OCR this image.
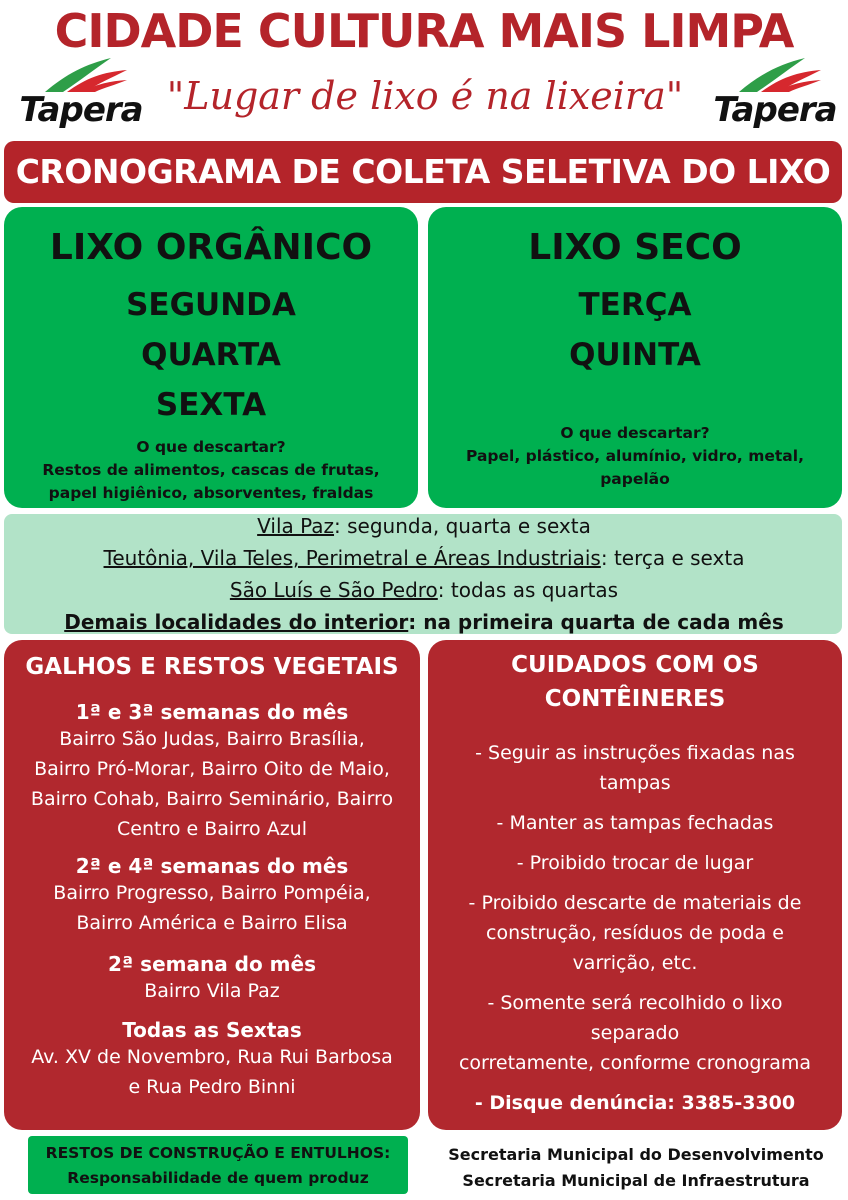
CIDADE CULTURA MAIS LIMPA
Tapera "Lugar de lixo é na lixeira" Tapera
CRONOGRAMA DE COLETA SELETIVA DO LIXO
LIXO ORGÂNICO
SEGUNDA
QUARTA
SEXTA
O que descartar?
Restos de alimentos, cascas de frutas,
papel higiênico, absorventes, fraldas
LIXO SECO
TERÇA
QUINTA
O que descartar?
Papel, plástico, alumínio, vidro, metal,
papelão
Vila Paz: segunda, quarta e sexta
Teutônia, Vila Teles, Perimetral e Áreas Industriais: terça e sexta
São Luís e São Pedro: todas as quartas
Demais localidades do interior: na primeira quarta de cada mês
GALHOS E RESTOS VEGETAIS
1ª e 3ª semanas do mês
Bairro São Judas, Bairro Brasília,
Bairro Pró-Morar, Bairro Oito de Maio,
Bairro Cohab, Bairro Seminário, Bairro
Centro e Bairro Azul
2ª e 4ª semanas do mês
Bairro Progresso, Bairro Pompéia,
Bairro América e Bairro Elisa
2ª semana do mês
Bairro Vila Paz
Todas as Sextas
Av. XV de Novembro, Rua Rui Barbosa
e Rua Pedro Binni
CUIDADOS COM OS
CONTÊINERES
- Seguir as instruções fixadas nas
tampas
- Manter as tampas fechadas
- Proibido trocar de lugar
- Proibido descarte de materiais de
construção, resíduos de poda e
varrição, etc.
- Somente será recolhido o lixo
separado
corretamente, conforme cronograma
- Disque denúncia: 3385-3300
RESTOS DE CONSTRUÇÃO E ENTULHOS:
Responsabilidade de quem produz
Secretaria Municipal do Desenvolvimento
Secretaria Municipal de Infraestrutura
